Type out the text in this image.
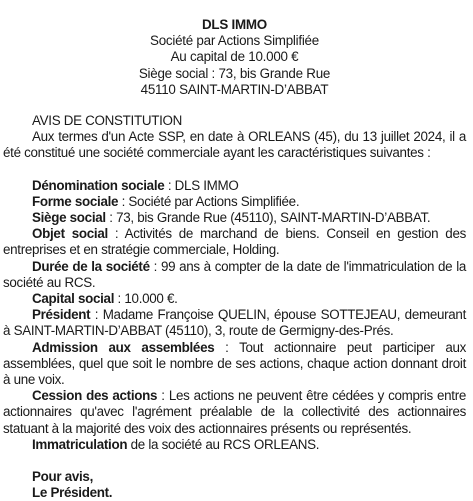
DLS IMMO
Société par Actions Simplifiée
Au capital de 10.000 €
Siège social : 73, bis Grande Rue
45110 SAINT-MARTIN-D’ABBAT

AVIS DE CONSTITUTION

Aux termes d'un Acte SSP, en date à ORLEANS (45), du 13 juillet 2024, il a été constitué une société commerciale ayant les caractéristiques suivantes :

Dénomination sociale : DLS IMMO

Forme sociale : Société par Actions Simplifiée.

Siège social : 73, bis Grande Rue (45110), SAINT-MARTIN-D’ABBAT.

Objet social : Activités de marchand de biens. Conseil en gestion des entreprises et en stratégie commerciale, Holding.

Durée de la société : 99 ans à compter de la date de l'immatriculation de la société au RCS.

Capital social : 10.000 €.

Président : Madame Françoise QUELIN, épouse SOTTEJEAU, demeurant à SAINT-MARTIN-D’ABBAT (45110), 3, route de Germigny-des-Prés.

Admission aux assemblées : Tout actionnaire peut participer aux assemblées, quel que soit le nombre de ses actions, chaque action donnant droit à une voix.

Cession des actions : Les actions ne peuvent être cédées y compris entre actionnaires qu'avec l'agrément préalable de la collectivité des actionnaires statuant à la majorité des voix des actionnaires présents ou représentés.

Immatriculation de la société au RCS ORLEANS.

Pour avis,

Le Président.
